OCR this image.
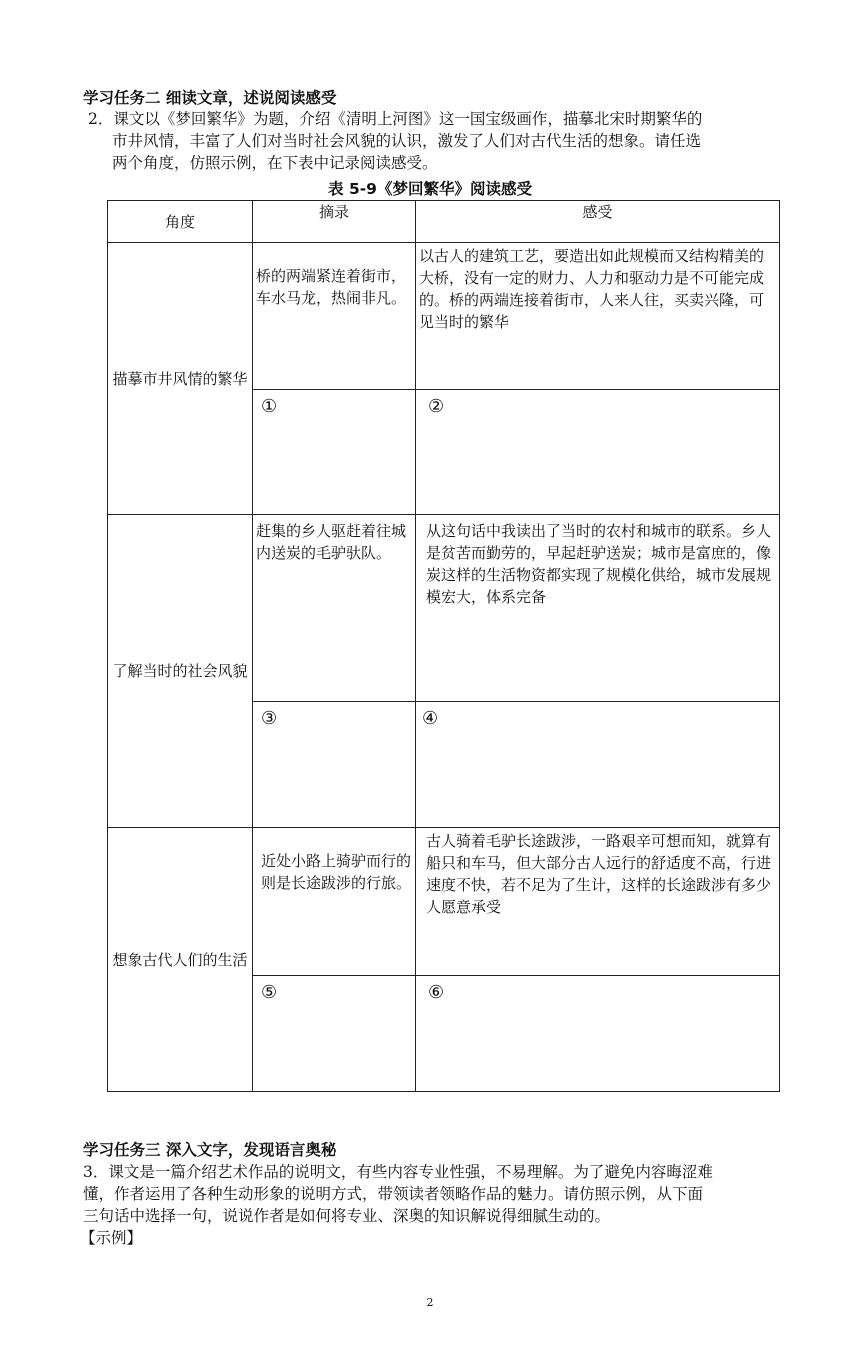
学习任务二 细读文章，述说阅读感受
2．课文以《梦回繁华》为题，介绍《清明上河图》这一国宝级画作，描摹北宋时期繁华的
市井风情，丰富了人们对当时社会风貌的认识，激发了人们对古代生活的想象。请任选
两个角度，仿照示例，在下表中记录阅读感受。
表 5-9《梦回繁华》阅读感受
角度	摘录	感受
描摹市井风情的繁华	桥的两端紧连着街市，车水马龙，热闹非凡。	以古人的建筑工艺，要造出如此规模而又结构精美的大桥，没有一定的财力、人力和驱动力是不可能完成的。桥的两端连接着街市，人来人往，买卖兴隆，可见当时的繁华

	①	②
了解当时的社会风貌	赶集的乡人驱赶着往城内送炭的毛驴驮队。	从这句话中我读出了当时的农村和城市的联系。乡人是贫苦而勤劳的，早起赶驴送炭；城市是富庶的，像炭这样的生活物资都实现了规模化供给，城市发展规模宏大，体系完备

	③	④
想象古代人们的生活	近处小路上骑驴而行的则是长途跋涉的行旅。	古人骑着毛驴长途跋涉，一路艰辛可想而知，就算有船只和车马，但大部分古人远行的舒适度不高，行进速度不快，若不足为了生计，这样的长途跋涉有多少人愿意承受

	⑤	⑥
学习任务三 深入文字，发现语言奥秘
3．课文是一篇介绍艺术作品的说明文，有些内容专业性强，不易理解。为了避免内容晦涩难
懂，作者运用了各种生动形象的说明方式，带领读者领略作品的魅力。请仿照示例，从下面
三句话中选择一句，说说作者是如何将专业、深奥的知识解说得细腻生动的。
【示例】
2
